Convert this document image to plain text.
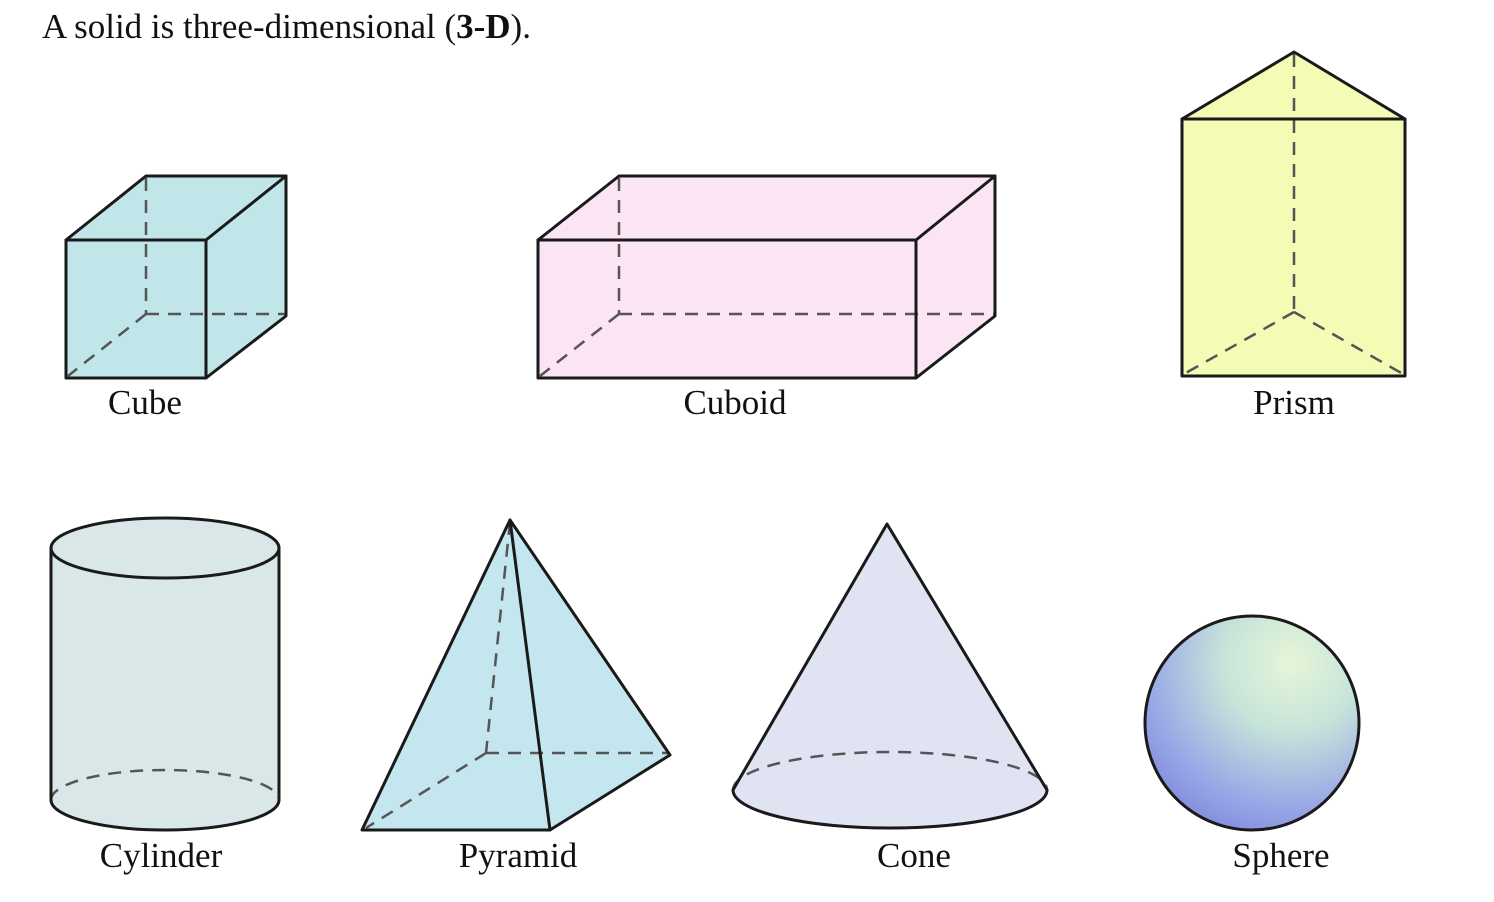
A solid is three-dimensional (3-D).
Cube	Cuboid	Prism
Cylinder	Pyramid	Cone	Sphere
